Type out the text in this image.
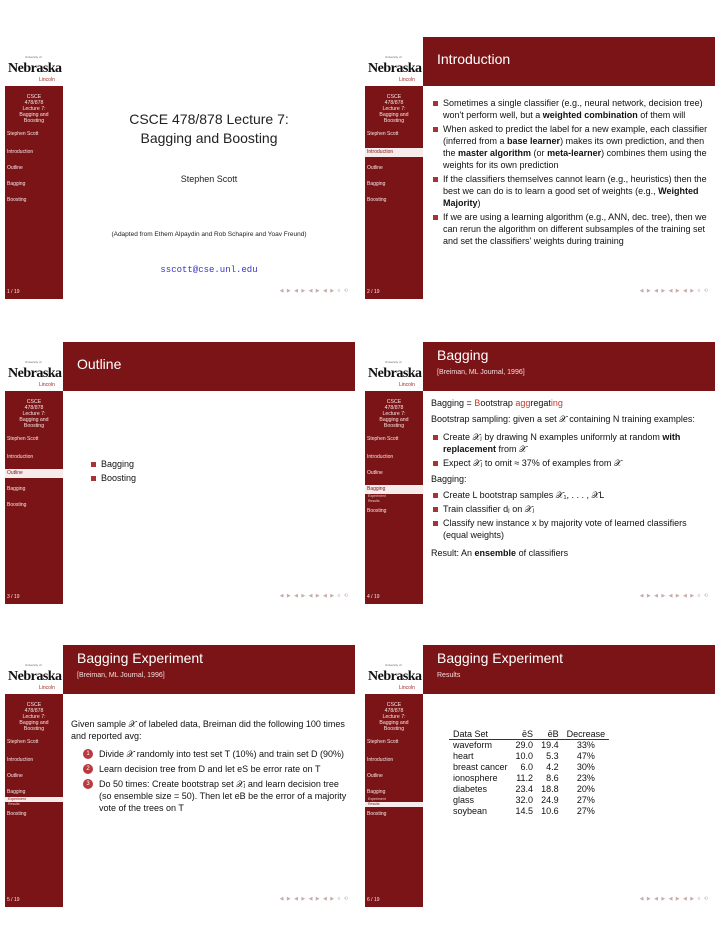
University of
Nebraska
Lincoln
CSCE
478/878
Lecture 7:
Bagging and
Boosting
Stephen Scott
Introduction
Outline
Bagging
Boosting
1 / 19
CSCE 478/878 Lecture 7:
Bagging and Boosting
Stephen Scott
(Adapted from Ethem Alpaydin and Rob Schapire and Yoav Freund)
sscott@cse.unl.edu
◀ ▶ ◀ ▶ ◀ ▶ ◀ ▶ ≡ ⟲
University of
Nebraska
Lincoln
Introduction
CSCE
478/878
Lecture 7:
Bagging and
Boosting
Stephen Scott
Introduction
Outline
Bagging
Boosting
2 / 19
Sometimes a single classifier (e.g., neural network, decision tree) won't perform well, but a weighted combination of them will
When asked to predict the label for a new example, each classifier (inferred from a base learner) makes its own prediction, and then the master algorithm (or meta-learner) combines them using the weights for its own prediction
If the classifiers themselves cannot learn (e.g., heuristics) then the best we can do is to learn a good set of weights (e.g., Weighted Majority)
If we are using a learning algorithm (e.g., ANN, dec. tree), then we can rerun the algorithm on different subsamples of the training set and set the classifiers' weights during training
◀ ▶ ◀ ▶ ◀ ▶ ◀ ▶ ≡ ⟲
University of
Nebraska
Lincoln
Outline
CSCE
478/878
Lecture 7:
Bagging and
Boosting
Stephen Scott
Introduction
Outline
Bagging
Boosting
3 / 19
Bagging
Boosting
◀ ▶ ◀ ▶ ◀ ▶ ◀ ▶ ≡ ⟲
University of
Nebraska
Lincoln
Bagging
[Breiman, ML Journal, 1996]
CSCE
478/878
Lecture 7:
Bagging and
Boosting
Stephen Scott
Introduction
Outline
Bagging
Experiment
Results
Boosting
4 / 19
Bagging = Bootstrap aggregating
Bootstrap sampling: given a set 𝒳 containing N training examples:
Create 𝒳ⱼ by drawing N examples uniformly at random with replacement from 𝒳
Expect 𝒳ⱼ to omit ≈ 37% of examples from 𝒳
Bagging:
Create L bootstrap samples 𝒳₁, . . . , 𝒳L
Train classifier dⱼ on 𝒳ⱼ
Classify new instance x by majority vote of learned classifiers (equal weights)
Result: An ensemble of classifiers
◀ ▶ ◀ ▶ ◀ ▶ ◀ ▶ ≡ ⟲
University of
Nebraska
Lincoln
Bagging Experiment
[Breiman, ML Journal, 1996]
CSCE
478/878
Lecture 7:
Bagging and
Boosting
Stephen Scott
Introduction
Outline
Bagging
Experiment
Results
Boosting
5 / 19
Given sample 𝒳 of labeled data, Breiman did the following 100 times and reported avg:
1	Divide 𝒳 randomly into test set T (10%) and train set D (90%)
2	Learn decision tree from D and let eS be error rate on T
3	Do 50 times: Create bootstrap set 𝒳ⱼ and learn decision tree (so ensemble size = 50). Then let eB be the error of a majority vote of the trees on T
◀ ▶ ◀ ▶ ◀ ▶ ◀ ▶ ≡ ⟲
University of
Nebraska
Lincoln
Bagging Experiment
Results
CSCE
478/878
Lecture 7:
Bagging and
Boosting
Stephen Scott
Introduction
Outline
Bagging
Experiment
Results
Boosting
6 / 19
Data Set	ēS	ēB	Decrease
waveform	29.0	19.4	33%
heart	10.0	5.3	47%
breast cancer	6.0	4.2	30%
ionosphere	11.2	8.6	23%
diabetes	23.4	18.8	20%
glass	32.0	24.9	27%
soybean	14.5	10.6	27%
◀ ▶ ◀ ▶ ◀ ▶ ◀ ▶ ≡ ⟲
